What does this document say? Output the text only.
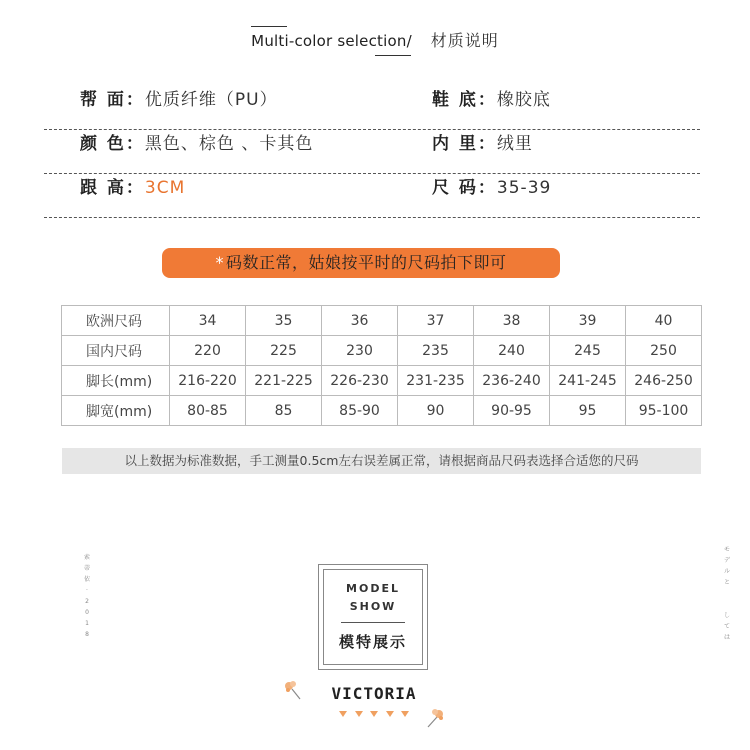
Multi-color selection/ 材质说明
帮 面：优质纤维（PU）	鞋 底：橡胶底
颜 色：黑色、棕色 、卡其色	内 里：绒里
跟 高：3CM	尺 码：35-39
* 码数正常，姑娘按平时的尺码拍下即可
欧洲尺码	34	35	36	37	38	39	40
国内尺码	220	225	230	235	240	245	250
脚长(mm)	216-220	221-225	226-230	231-235	236-240	241-245	246-250
脚宽(mm)	80-85	85	85-90	90	90-95	95	95-100
以上数据为标准数据，手工测量0.5cm左右误差属正常，请根据商品尺码表选择合适您的尺码
索
蒂
依
·
2
0
1
8
モ
デ
ル
と

し
て
は
MODEL
SHOW
模特展示
VICTORIA
